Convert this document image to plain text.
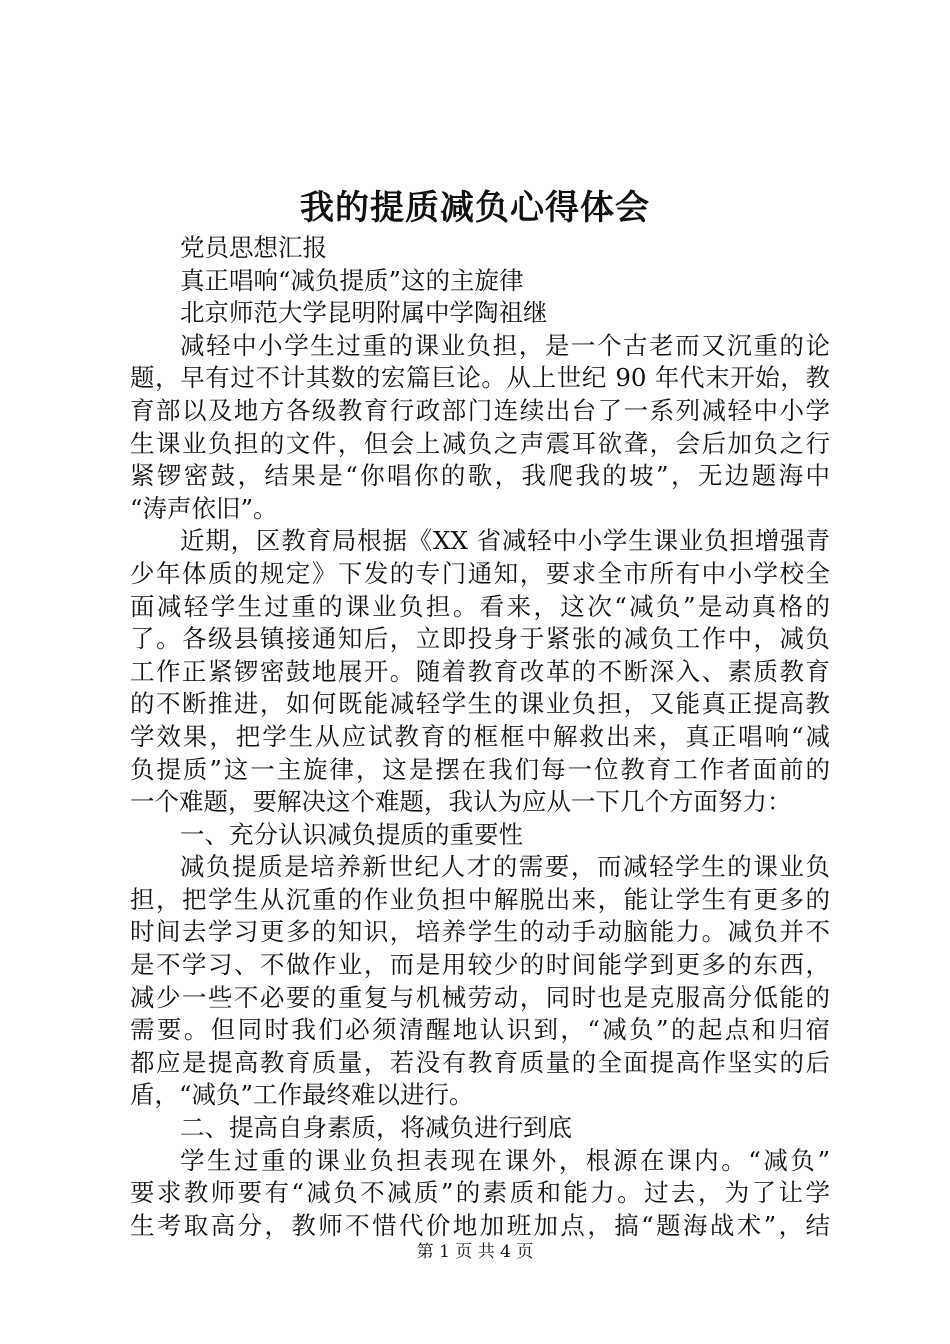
我的提质减负心得体会

党员思想汇报

真正唱响“减负提质”这的主旋律

北京师范大学昆明附属中学陶祖继

减轻中小学生过重的课业负担，是一个古老而又沉重的论

题，早有过不计其数的宏篇巨论。从上世纪 90 年代末开始，教

育部以及地方各级教育行政部门连续出台了一系列减轻中小学

生课业负担的文件，但会上减负之声震耳欲聋，会后加负之行

紧锣密鼓，结果是“你唱你的歌，我爬我的坡”，无边题海中

“涛声依旧”。

近期，区教育局根据《XX 省减轻中小学生课业负担增强青

少年体质的规定》下发的专门通知，要求全市所有中小学校全

面减轻学生过重的课业负担。看来，这次“减负”是动真格的

了。各级县镇接通知后，立即投身于紧张的减负工作中，减负

工作正紧锣密鼓地展开。随着教育改革的不断深入、素质教育

的不断推进，如何既能减轻学生的课业负担，又能真正提高教

学效果，把学生从应试教育的框框中解救出来，真正唱响“减

负提质”这一主旋律，这是摆在我们每一位教育工作者面前的

一个难题，要解决这个难题，我认为应从一下几个方面努力：

一、充分认识减负提质的重要性

减负提质是培养新世纪人才的需要，而减轻学生的课业负

担，把学生从沉重的作业负担中解脱出来，能让学生有更多的

时间去学习更多的知识，培养学生的动手动脑能力。减负并不

是不学习、不做作业，而是用较少的时间能学到更多的东西，

减少一些不必要的重复与机械劳动，同时也是克服高分低能的

需要。但同时我们必须清醒地认识到，“减负”的起点和归宿

都应是提高教育质量，若没有教育质量的全面提高作坚实的后

盾，“减负”工作最终难以进行。

二、提高自身素质，将减负进行到底

学生过重的课业负担表现在课外，根源在课内。“减负”

要求教师要有“减负不减质”的素质和能力。过去，为了让学

生考取高分，教师不惜代价地加班加点，搞“题海战术”，结

第 1 页 共 4 页
